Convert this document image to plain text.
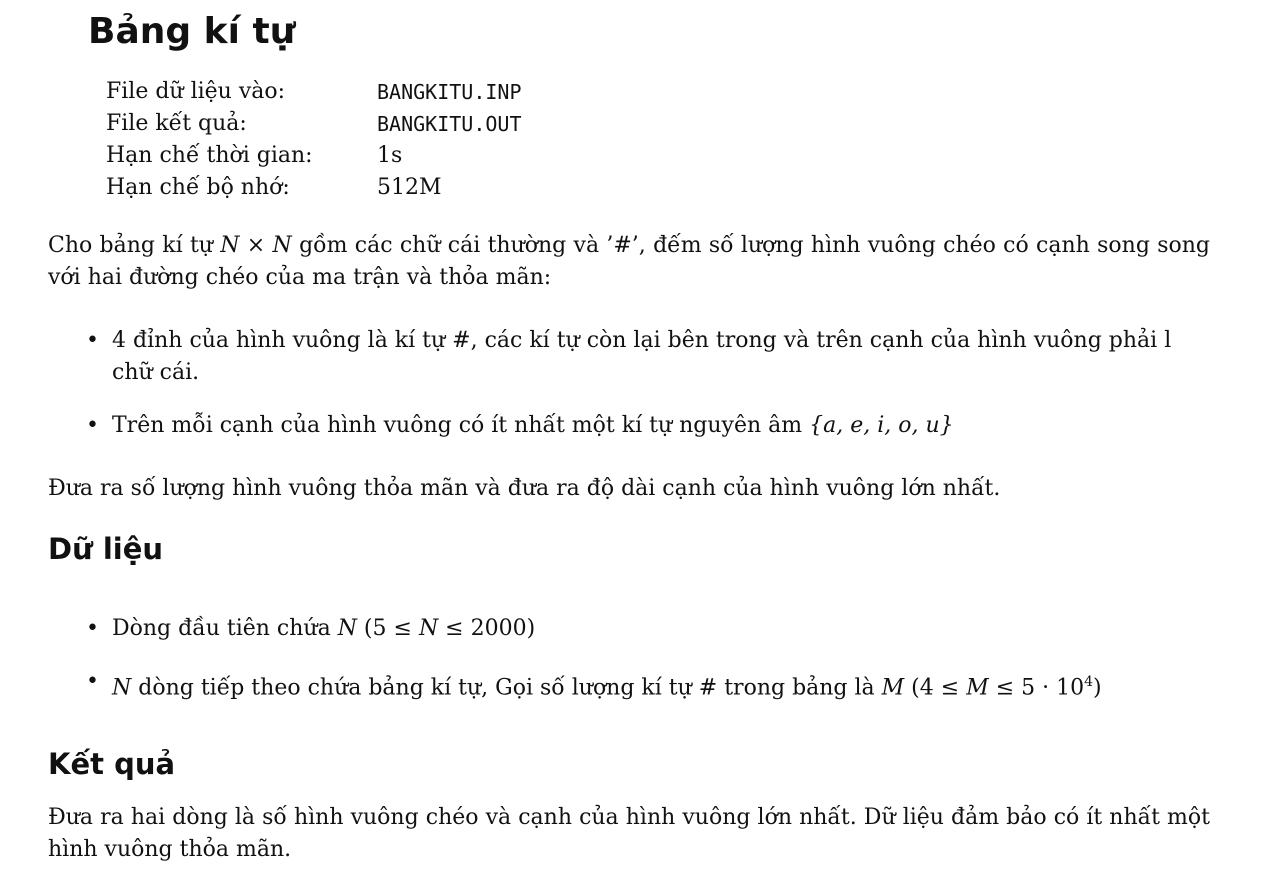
Bảng kí tự
File dữ liệu vào:	BANGKITU.INP
File kết quả:	BANGKITU.OUT
Hạn chế thời gian:	1s
Hạn chế bộ nhớ:	512M

Cho bảng kí tự N × N gồm các chữ cái thường và ’#’, đếm số lượng hình vuông chéo có cạnh song song với hai đường chéo của ma trận và thỏa mãn:

• 4 đỉnh của hình vuông là kí tự #, các kí tự còn lại bên trong và trên cạnh của hình vuông phải l chữ cái.
• Trên mỗi cạnh của hình vuông có ít nhất một kí tự nguyên âm {a, e, i, o, u}

Đưa ra số lượng hình vuông thỏa mãn và đưa ra độ dài cạnh của hình vuông lớn nhất.

Dữ liệu
• Dòng đầu tiên chứa N (5 ≤ N ≤ 2000)
• N dòng tiếp theo chứa bảng kí tự, Gọi số lượng kí tự # trong bảng là M $(4 \le M \le 5 \cdot 10^4)$
Kết quả

Đưa ra hai dòng là số hình vuông chéo và cạnh của hình vuông lớn nhất. Dữ liệu đảm bảo có ít nhất một hình vuông thỏa mãn.
